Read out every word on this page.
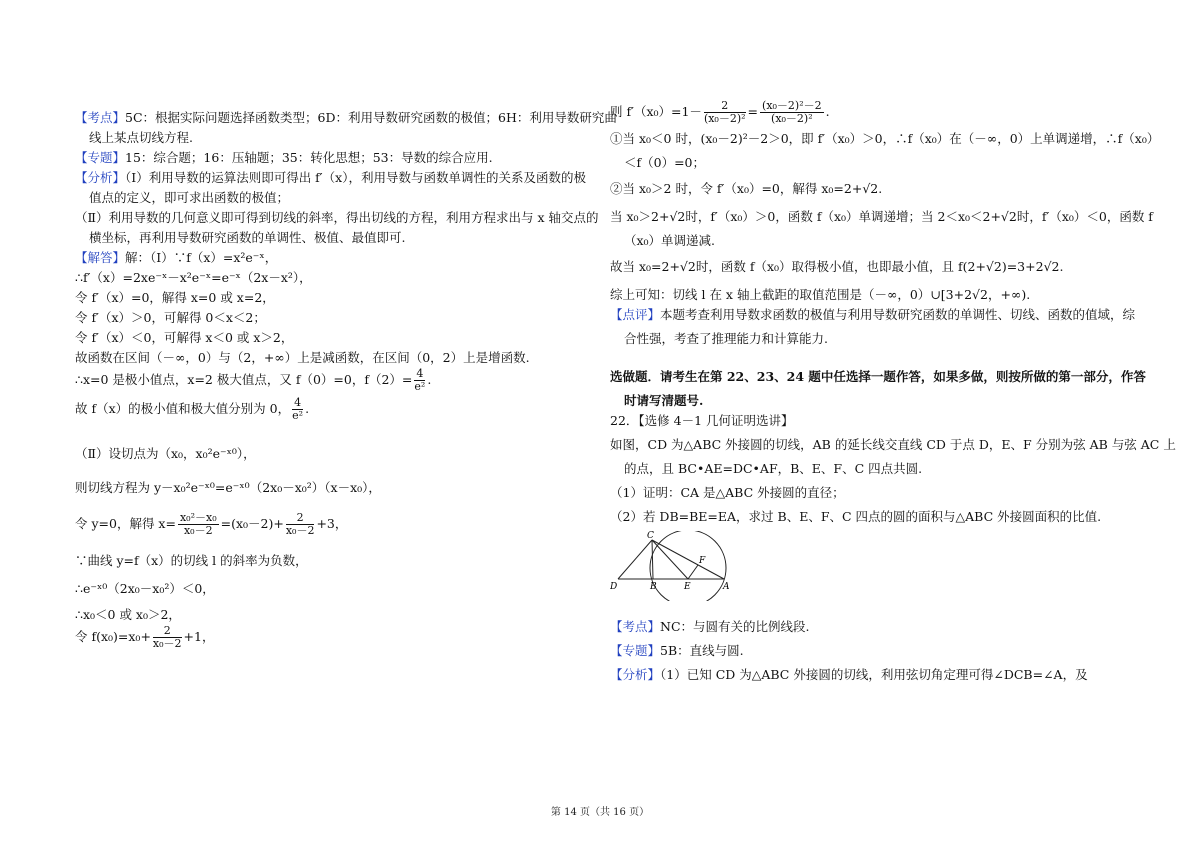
【考点】5C：根据实际问题选择函数类型；6D：利用导数研究函数的极值；6H：利用导数研究曲

线上某点切线方程.

【专题】15：综合题；16：压轴题；35：转化思想；53：导数的综合应用.

【分析】（Ⅰ）利用导数的运算法则即可得出 f′（x），利用导数与函数单调性的关系及函数的极

值点的定义，即可求出函数的极值；

（Ⅱ）利用导数的几何意义即可得到切线的斜率，得出切线的方程，利用方程求出与 x 轴交点的

横坐标，再利用导数研究函数的单调性、极值、最值即可.

【解答】解：（Ⅰ）∵f（x）=x²e⁻ˣ，

∴f′（x）=2xe⁻ˣ－x²e⁻ˣ=e⁻ˣ（2x－x²），

令 f′（x）=0，解得 x=0 或 x=2，

令 f′（x）＞0，可解得 0＜x＜2；

令 f′（x）＜0，可解得 x＜0 或 x＞2，

故函数在区间（－∞，0）与（2，+∞）上是减函数，在区间（0，2）上是增函数.

∴x=0 是极小值点，x=2 极大值点，又 f（0）=0，$f(2)= \frac{4}{\text{e²}}$ .

故 f（x）的极小值和极大值分别为 0， $\frac{4}{\text{e²}}$ .

（Ⅱ）设切点为（x₀，x₀²e⁻ˣ⁰），

则切线方程为 y－x₀²e⁻ˣ⁰=e⁻ˣ⁰（2x₀－x₀²）（x－x₀），

令 y=0，解得 $x= \frac{\text{x₀²－x₀}}{\text{x₀－2}} =(x_0-2)+ \frac{2}{\text{x₀－2}} +3$，

∵曲线 y=f（x）的切线 l 的斜率为负数，

∴e⁻ˣ⁰（2x₀－x₀²）＜0，

∴x₀＜0 或 x₀＞2，

令 $f(x_0)=x_0+ \frac{2}{\text{x₀－2}} +1$，

则 $f'(x_0)=1- \frac{2}{\text{(x₀－2)²}} = \frac{\text{(x₀－2)²－2}}{\text{(x₀－2)²}}$ .

①当 x₀＜0 时，(x₀－2)²－2＞0，即 f′（x₀）＞0，∴f（x₀）在（－∞，0）上单调递增，∴f（x₀）

＜f（0）=0；

②当 x₀＞2 时，令 f′（x₀）=0，解得 x₀=2+√2.

当 x₀＞2+√2时，f′（x₀）＞0，函数 f（x₀）单调递增；当 2＜x₀＜2+√2时，f′（x₀）＜0，函数 f

（x₀）单调递减.

故当 x₀=2+√2时，函数 f（x₀）取得极小值，也即最小值，且 f(2+√2)=3+2√2.

综上可知：切线 l 在 x 轴上截距的取值范围是（－∞，0）∪[3+2√2，+∞).

【点评】本题考查利用导数求函数的极值与利用导数研究函数的单调性、切线、函数的值域，综

合性强，考查了推理能力和计算能力.

选做题．请考生在第 22、23、24 题中任选择一题作答，如果多做，则按所做的第一部分，作答

时请写清题号.

22．【选修 4－1 几何证明选讲】

如图，CD 为△ABC 外接圆的切线，AB 的延长线交直线 CD 于点 D，E、F 分别为弦 AB 与弦 AC 上

的点，且 BC•AE=DC•AF，B、E、F、C 四点共圆.

（1）证明：CA 是△ABC 外接圆的直径；

（2）若 DB=BE=EA，求过 B、E、F、C 四点的圆的面积与△ABC 外接圆面积的比值.

C
F
D	B	E	A

【考点】NC：与圆有关的比例线段.

【专题】5B：直线与圆.

【分析】（1）已知 CD 为△ABC 外接圆的切线，利用弦切角定理可得∠DCB=∠A，及

第 14 页（共 16 页）
